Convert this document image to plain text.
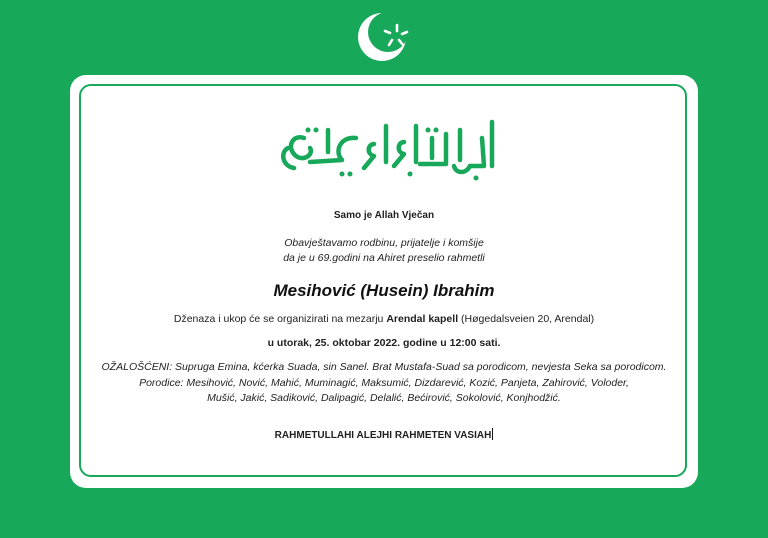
Samo je Allah Vječan
Obavještavamo rodbinu, prijatelje i komšije
da je u 69.godini na Ahiret preselio rahmetli
Mesihović (Husein) Ibrahim
Dženaza i ukop će se organizirati na mezarju Arendal kapell (Høgedalsveien 20, Arendal)
u utorak, 25. oktobar 2022. godine u 12:00 sati.
OŽALOŠĆENI: Supruga Emina, kćerka Suada, sin Sanel. Brat Mustafa-Suad sa porodicom, nevjesta Seka sa porodicom.
Porodice: Mesihović, Nović, Mahić, Muminagić, Maksumić, Dizdarević, Kozić, Panjeta, Zahirović, Voloder,
Mušić, Jakić, Sadiković, Dalipagić, Delalić, Bećirović, Sokolović, Konjhodžić.
RAHMETULLAHI ALEJHI RAHMETEN VASIAH
